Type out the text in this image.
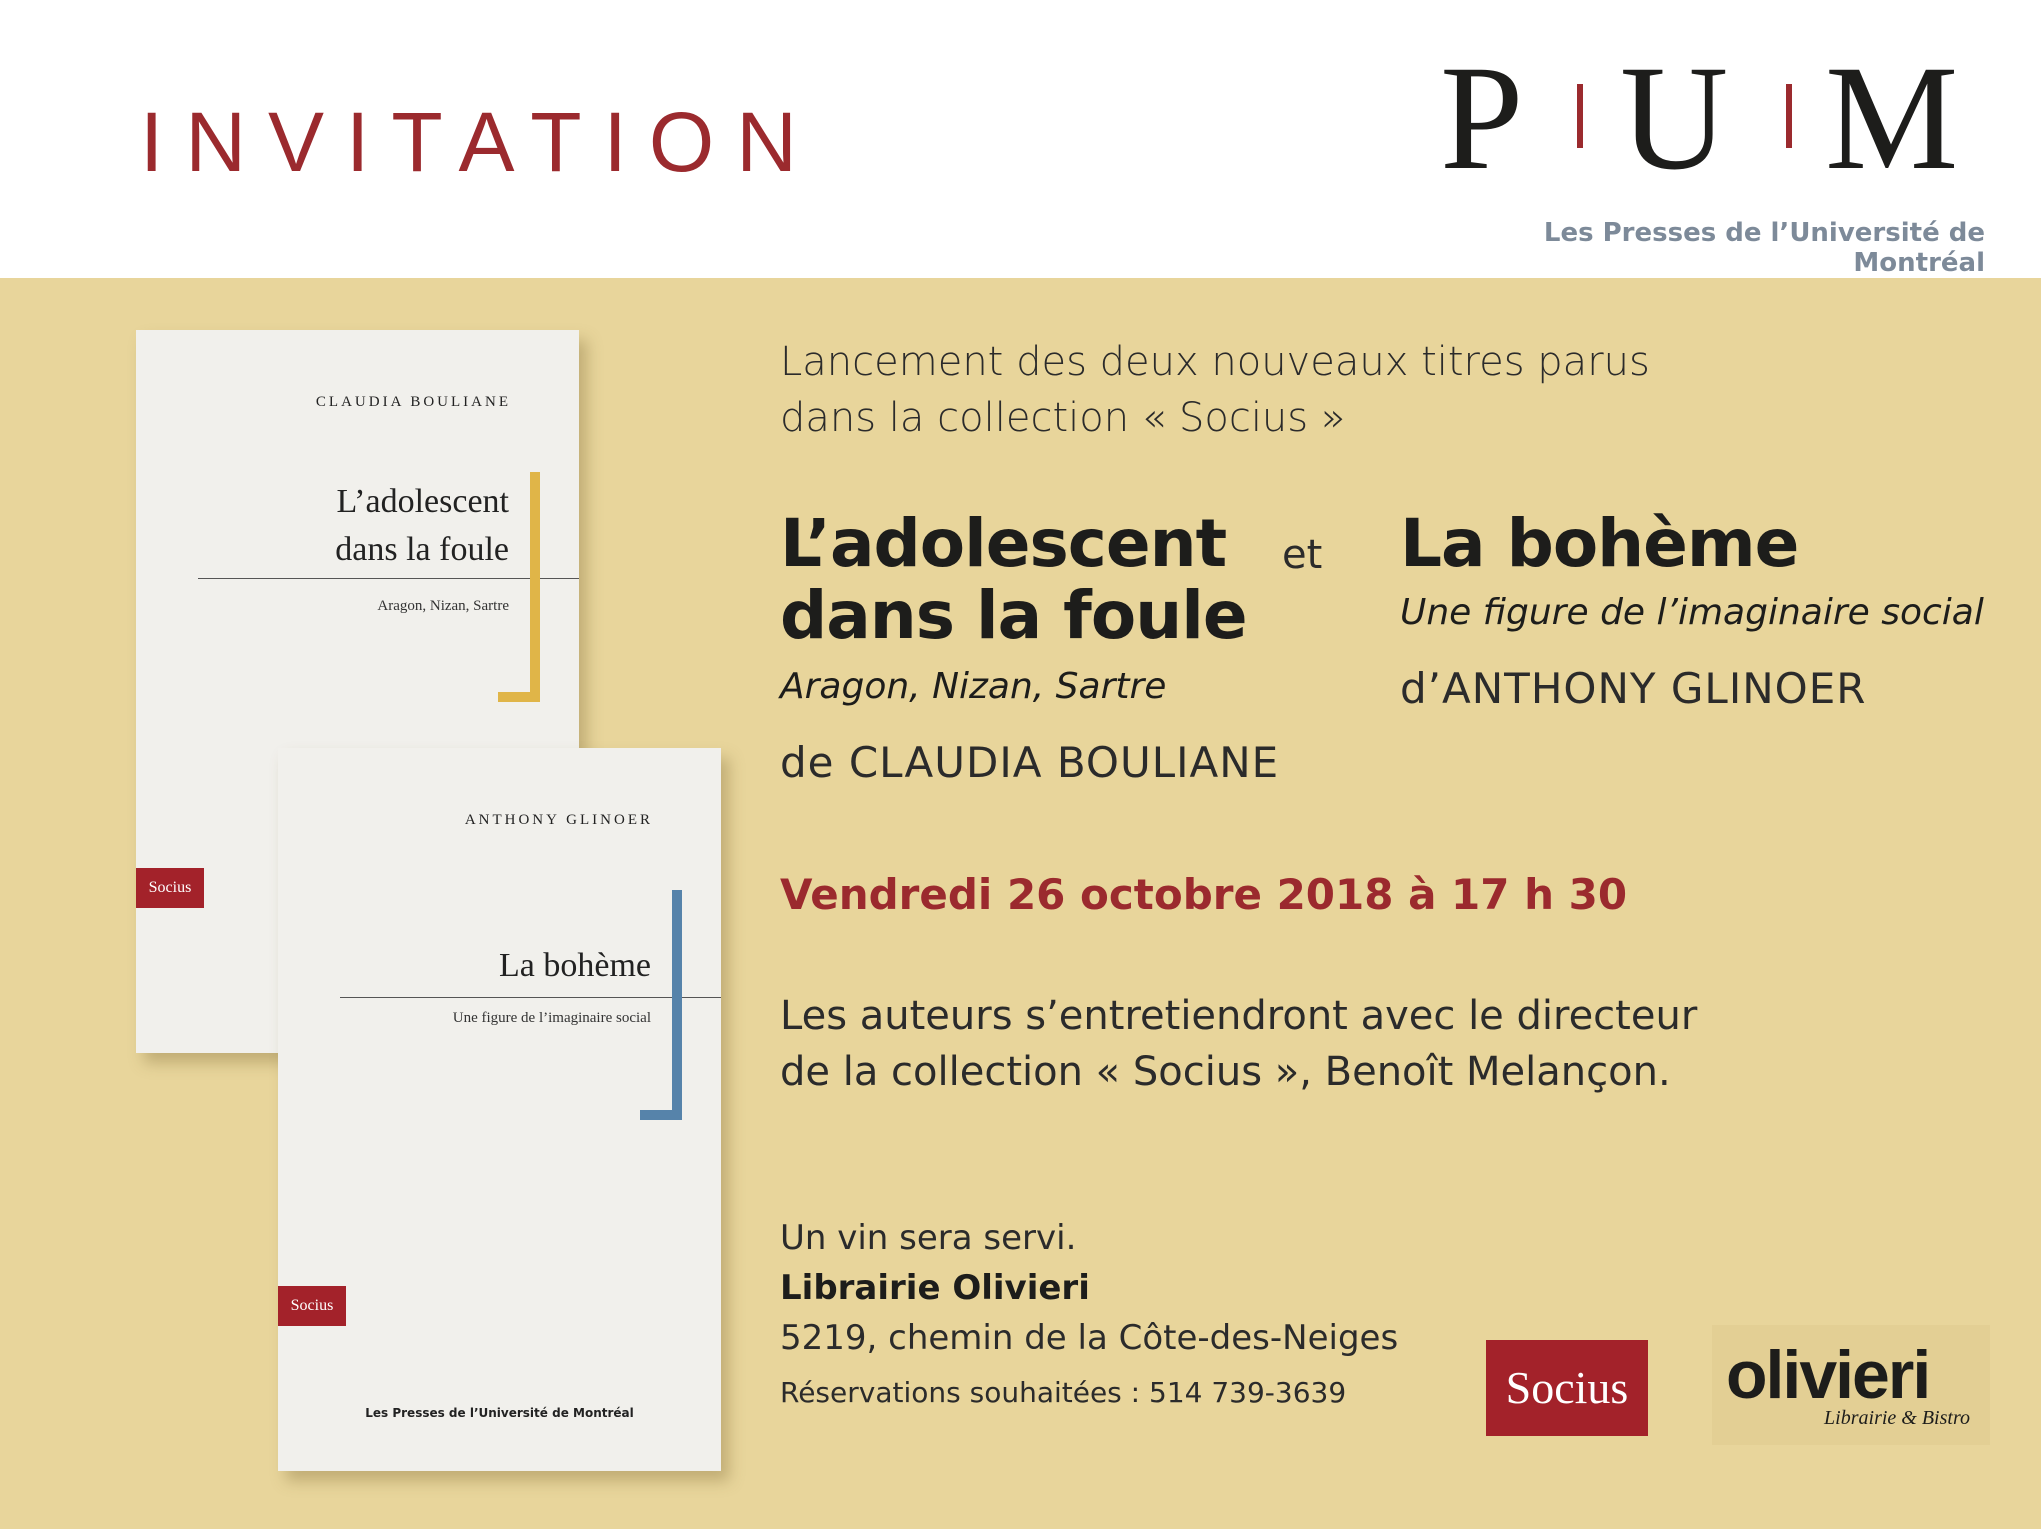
INVITATION	P U M
Les Presses de l’Université de Montréal
CLAUDIA BOULIANE
L’adolescent
dans la foule
Aragon, Nizan, Sartre
Socius
ANTHONY GLINOER
La bohème
Une figure de l’imaginaire social
Socius
Les Presses de l’Université de Montréal
Lancement des deux nouveaux titres parus
dans la collection « Socius »
L’adolescent
dans la foule
Aragon, Nizan, Sartre
de CLAUDIA BOULIANE
et La bohème
Une figure de l’imaginaire social
d’ANTHONY GLINOER
Vendredi 26 octobre 2018 à 17 h 30
Les auteurs s’entretiendront avec le directeur
de la collection « Socius », Benoît Melançon.
Un vin sera servi.
Librairie Olivieri
5219, chemin de la Côte-des-Neiges
Réservations souhaitées : 514 739-3639	Socius olivieri
Librairie & Bistro
